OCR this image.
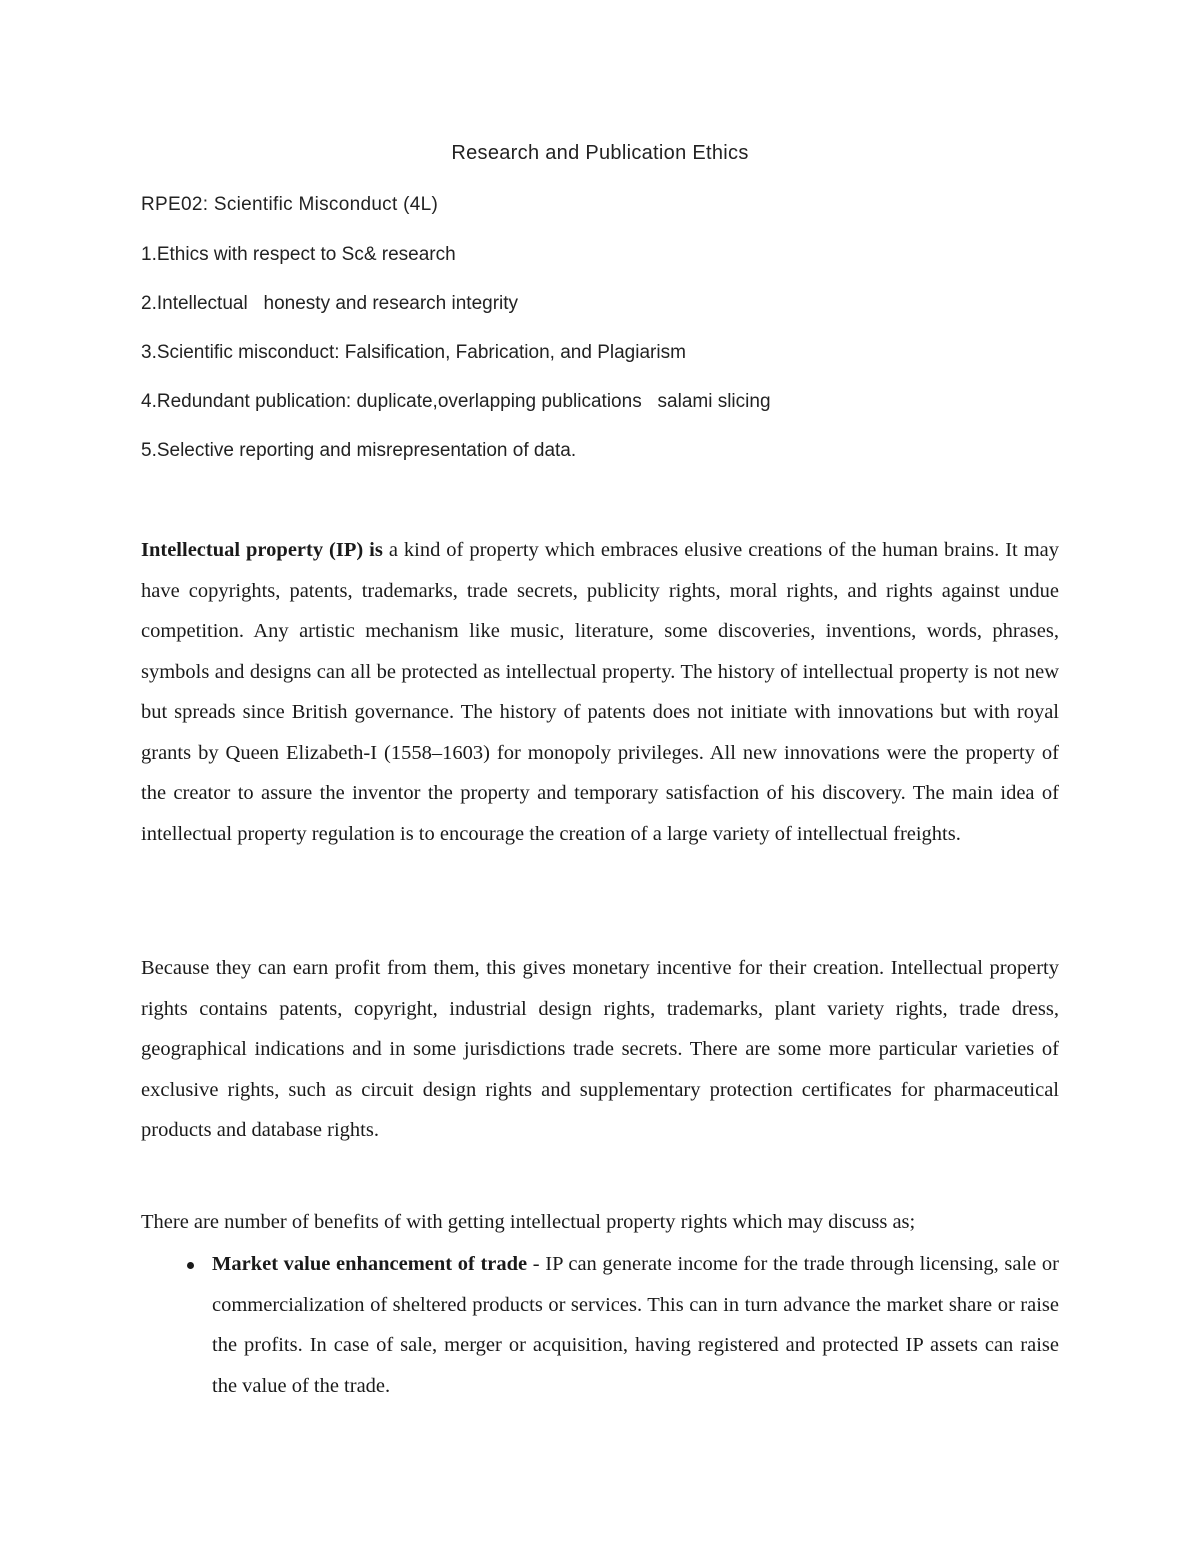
Research and Publication Ethics
RPE02: Scientific Misconduct (4L)
1.Ethics with respect to Sc& research
2.Intellectual   honesty and research integrity
3.Scientific misconduct: Falsification, Fabrication, and Plagiarism
4.Redundant publication: duplicate,overlapping publications   salami slicing
5.Selective reporting and misrepresentation of data.

Intellectual property (IP) is a kind of property which embraces elusive creations of the human brains. It may have copyrights, patents, trademarks, trade secrets, publicity rights, moral rights, and rights against undue competition. Any artistic mechanism like music, literature, some discoveries, inventions, words, phrases, symbols and designs can all be protected as intellectual property. The history of intellectual property is not new but spreads since British governance. The history of patents does not initiate with innovations but with royal grants by Queen Elizabeth-I (1558–1603) for monopoly privileges. All new innovations were the property of the creator to assure the inventor the property and temporary satisfaction of his discovery. The main idea of intellectual property regulation is to encourage the creation of a large variety of intellectual freights.

Because they can earn profit from them, this gives monetary incentive for their creation. Intellectual property rights contains patents, copyright, industrial design rights, trademarks, plant variety rights, trade dress, geographical indications and in some jurisdictions trade secrets. There are some more particular varieties of exclusive rights, such as circuit design rights and supplementary protection certificates for pharmaceutical products and database rights.

There are number of benefits of with getting intellectual property rights which may discuss as;

Market value enhancement of trade - IP can generate income for the trade through licensing, sale or commercialization of sheltered products or services. This can in turn advance the market share or raise the profits. In case of sale, merger or acquisition, having registered and protected IP assets can raise the value of the trade.
